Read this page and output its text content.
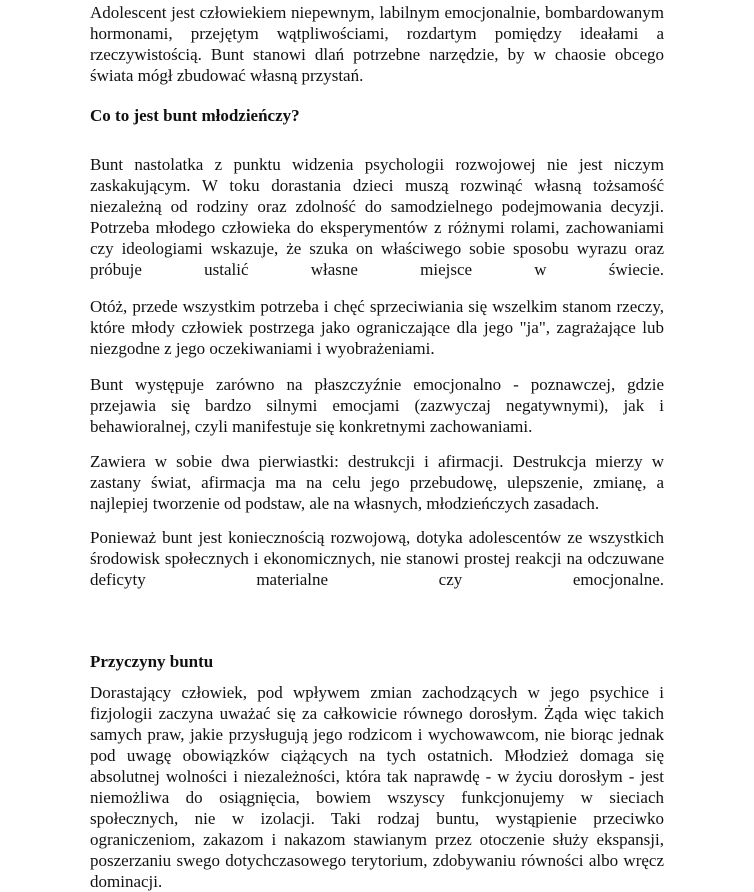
Adolescent jest człowiekiem niepewnym, labilnym emocjonalnie, bombardowanym hormonami, przejętym wątpliwościami, rozdartym pomiędzy ideałami a rzeczywistością. Bunt stanowi dlań potrzebne narzędzie, by w chaosie obcego świata mógł zbudować własną przystań.

Co to jest bunt młodzieńczy?

Bunt nastolatka z punktu widzenia psychologii rozwojowej nie jest niczym zaskakującym. W toku dorastania dzieci muszą rozwinąć własną tożsamość niezależną od rodziny oraz zdolność do samodzielnego podejmowania decyzji. Potrzeba młodego człowieka do eksperymentów z różnymi rolami, zachowaniami czy ideologiami wskazuje, że szuka on właściwego sobie sposobu wyrazu oraz próbuje ustalić własne miejsce w świecie.

Otóż, przede wszystkim potrzeba i chęć sprzeciwiania się wszelkim stanom rzeczy, które młody człowiek postrzega jako ograniczające dla jego "ja", zagrażające lub niezgodne z jego oczekiwaniami i wyobrażeniami.

Bunt występuje zarówno na płaszczyźnie emocjonalno - poznawczej, gdzie przejawia się bardzo silnymi emocjami (zazwyczaj negatywnymi), jak i behawioralnej, czyli manifestuje się konkretnymi zachowaniami.

Zawiera w sobie dwa pierwiastki: destrukcji i afirmacji. Destrukcja mierzy w zastany świat, afirmacja ma na celu jego przebudowę, ulepszenie, zmianę, a najlepiej tworzenie od podstaw, ale na własnych, młodzieńczych zasadach.

Ponieważ bunt jest koniecznością rozwojową, dotyka adolescentów ze wszystkich środowisk społecznych i ekonomicznych, nie stanowi prostej reakcji na odczuwane deficyty materialne czy emocjonalne.

Przyczyny buntu

Dorastający człowiek, pod wpływem zmian zachodzących w jego psychice i fizjologii zaczyna uważać się za całkowicie równego dorosłym. Żąda więc takich samych praw, jakie przysługują jego rodzicom i wychowawcom, nie biorąc jednak pod uwagę obowiązków ciążących na tych ostatnich. Młodzież domaga się absolutnej wolności i niezależności, która tak naprawdę - w życiu dorosłym - jest niemożliwa do osiągnięcia, bowiem wszyscy funkcjonujemy w sieciach społecznych, nie w izolacji. Taki rodzaj buntu, wystąpienie przeciwko ograniczeniom, zakazom i nakazom stawianym przez otoczenie służy ekspansji, poszerzaniu swego dotychczasowego terytorium, zdobywaniu równości albo wręcz dominacji.
